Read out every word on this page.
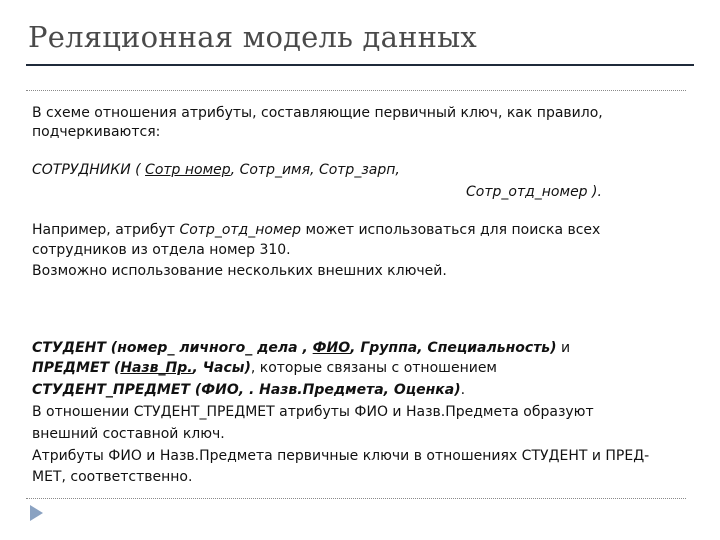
Реляционная модель данных
В схеме отношения атрибуты, составляющие первичный ключ, как правило,
подчеркиваются:
СОТРУДНИКИ ( Cотр номер, Сотр_имя, Сотр_зарп,
Сотр_отд_номер ).
Например, атрибут Сотр_отд_номер может использоваться для поиска всех
сотрудников из отдела номер 310.
Возможно использование нескольких внешних ключей.
СТУДЕНТ (номер_ личного_ дела , ФИО, Группа, Специальность) и
ПРЕДМЕТ (Назв_Пр., Часы), которые связаны с отношением
СТУДЕНТ_ПРЕДМЕТ (ФИО, . Назв.Предмета, Оценка).
В отношении СТУДЕНТ_ПРЕДМЕТ атрибуты ФИО и Назв.Предмета образуют
внешний составной ключ.
Атрибуты ФИО и Назв.Предмета первичные ключи в отношениях СТУДЕНТ и ПРЕД-
МЕТ, соответственно.
